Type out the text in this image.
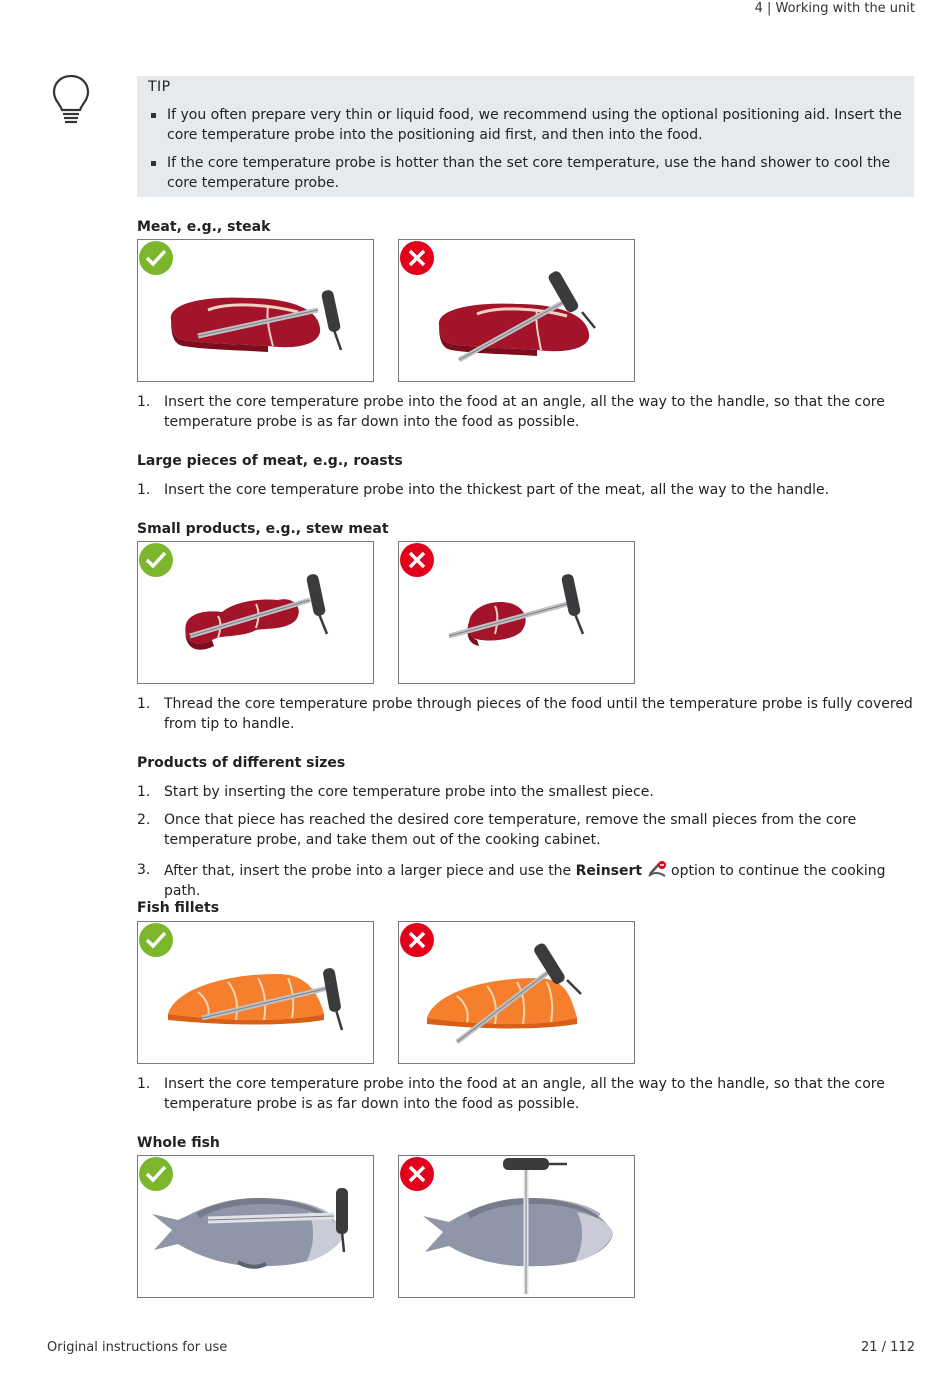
4 | Working with the unit
TIP
If you often prepare very thin or liquid food, we recommend using the optional positioning aid. Insert the core temperature probe into the positioning aid first, and then into the food.
If the core temperature probe is hotter than the set core temperature, use the hand shower to cool the core temperature probe.
Meat, e.g., steak
1. Insert the core temperature probe into the food at an angle, all the way to the handle, so that the core temperature probe is as far down into the food as possible.
Large pieces of meat, e.g., roasts
1. Insert the core temperature probe into the thickest part of the meat, all the way to the handle.
Small products, e.g., stew meat
1. Thread the core temperature probe through pieces of the food until the temperature probe is fully covered from tip to handle.
Products of different sizes
1. Start by inserting the core temperature probe into the smallest piece.
2. Once that piece has reached the desired core temperature, remove the small pieces from the core temperature probe, and take them out of the cooking cabinet.
3. After that, insert the probe into a larger piece and use the Reinsert  option to continue the cooking path.
Fish fillets
1. Insert the core temperature probe into the food at an angle, all the way to the handle, so that the core temperature probe is as far down into the food as possible.
Whole fish
Original instructions for use	21 / 112
